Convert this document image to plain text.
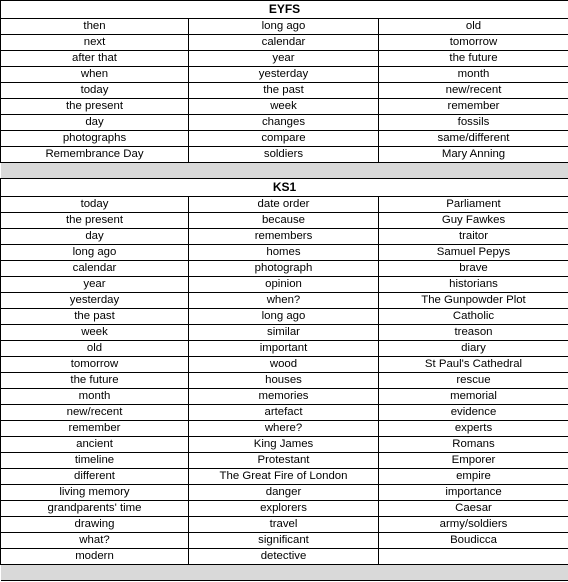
EYFS		
then	long ago	old
next	calendar	tomorrow
after that	year	the future
when	yesterday	month
today	the past	new/recent
the present	week	remember
day	changes	fossils
photographs	compare	same/different
Remembrance Day	soldiers	Mary Anning

KS1		
today	date order	Parliament
the present	because	Guy Fawkes
day	remembers	traitor
long ago	homes	Samuel Pepys
calendar	photograph	brave
year	opinion	historians
yesterday	when?	The Gunpowder Plot
the past	long ago	Catholic
week	similar	treason
old	important	diary
tomorrow	wood	St Paul's Cathedral
the future	houses	rescue
month	memories	memorial
new/recent	artefact	evidence
remember	where?	experts
ancient	King James	Romans
timeline	Protestant	Emporer
different	The Great Fire of London	empire
living memory	danger	importance
grandparents' time	explorers	Caesar
drawing	travel	army/soldiers
what?	significant	Boudicca
modern	detective	
